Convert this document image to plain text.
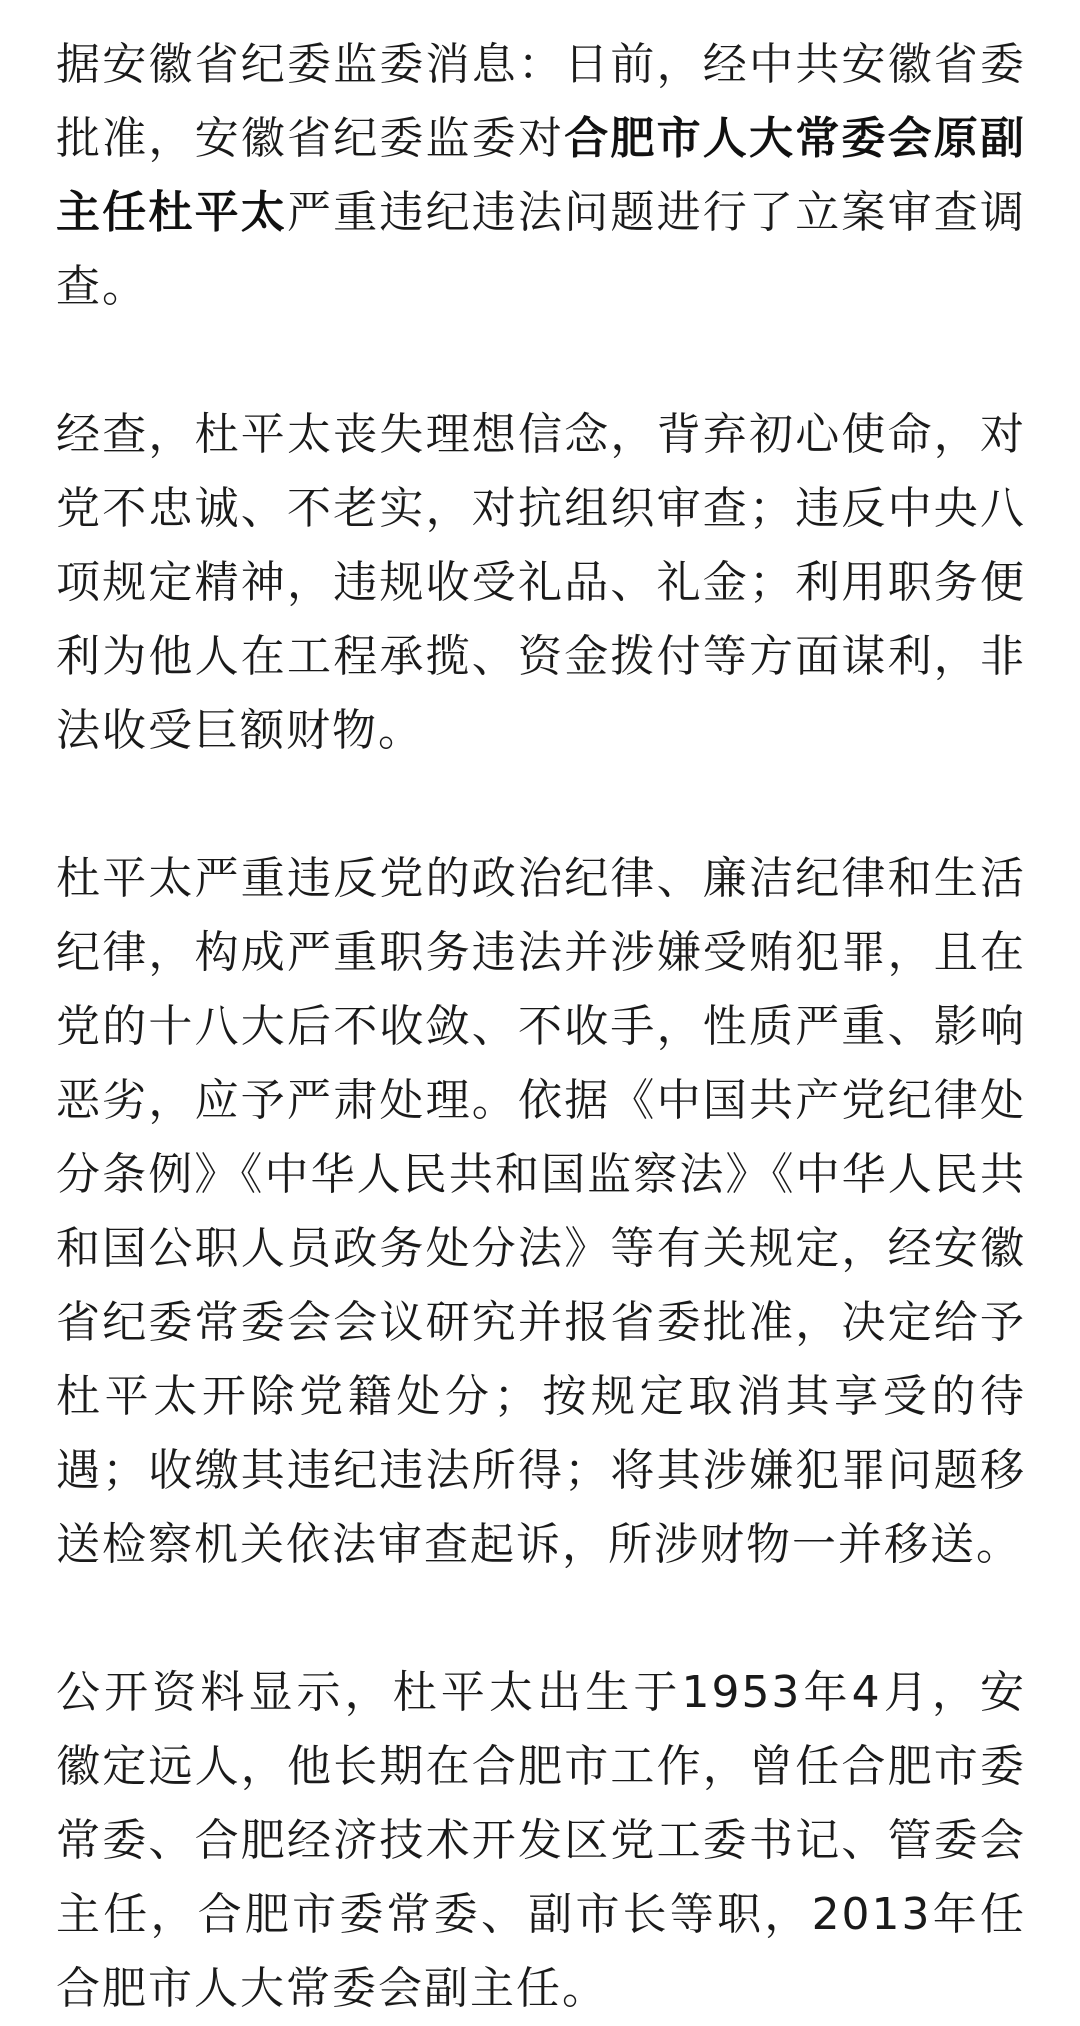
据安徽省纪委监委消息：日前，经中共安徽省委批准，安徽省纪委监委对合肥市人大常委会原副主任杜平太严重违纪违法问题进行了立案审查调查。

经查，杜平太丧失理想信念，背弃初心使命，对党不忠诚、不老实，对抗组织审查；违反中央八项规定精神，违规收受礼品、礼金；利用职务便利为他人在工程承揽、资金拨付等方面谋利，非法收受巨额财物。

杜平太严重违反党的政治纪律、廉洁纪律和生活纪律，构成严重职务违法并涉嫌受贿犯罪，且在党的十八大后不收敛、不收手，性质严重、影响恶劣，应予严肃处理。依据《中国共产党纪律处分条例》《中华人民共和国监察法》《中华人民共和国公职人员政务处分法》等有关规定，经安徽省纪委常委会会议研究并报省委批准，决定给予杜平太开除党籍处分；按规定取消其享受的待遇；收缴其违纪违法所得；将其涉嫌犯罪问题移送检察机关依法审查起诉，所涉财物一并移送。

公开资料显示，杜平太出生于1953年4月，安徽定远人，他长期在合肥市工作，曾任合肥市委常委、合肥经济技术开发区党工委书记、管委会主任，合肥市委常委、副市长等职，2013年任合肥市人大常委会副主任。
